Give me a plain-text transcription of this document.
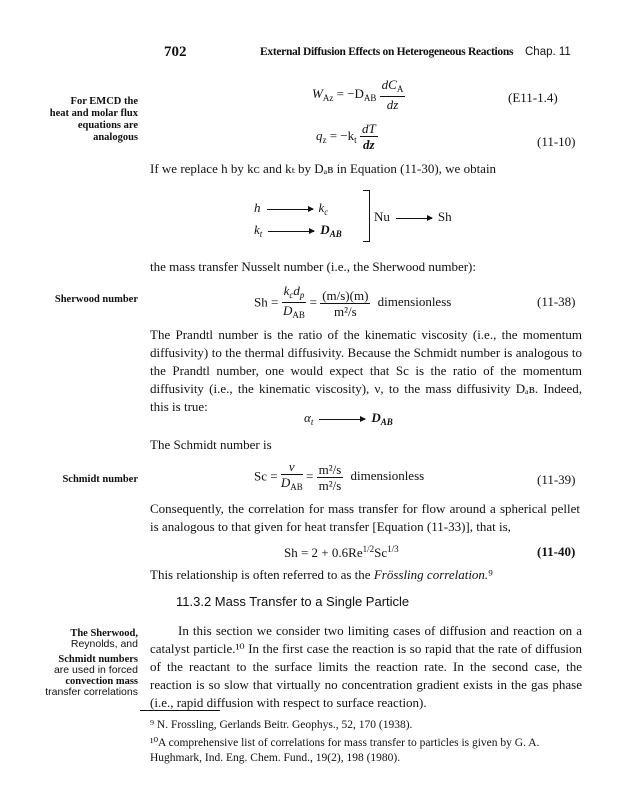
702	External Diffusion Effects on Heterogeneous Reactions Chap. 11
For EMCD the
heat and molar flux
equations are
analogous
Sherwood number
Schmidt number
The Sherwood,
Reynolds, and
Schmidt numbers
are used in forced
convection mass
transfer correlations
$W_{Az} = -D_{AB} \frac{dC_A}{dz}$	(E11-1.4)
$q_z = -k_t \frac{dT}{dz}$	(11-10)
If we replace h by kᴄ and kₜ by Dₐʙ in Equation (11-30), we obtain
h	$k_c$
$k_t$	$D_{AB}$
Nu	Sh
the mass transfer Nusselt number (i.e., the Sherwood number):
$Sh = \frac{k_cd_p}{D_{AB}} = \frac{(m/s)(m)}{\text{m²/s}}$ dimensionless	(11-38)
The Prandtl number is the ratio of the kinematic viscosity (i.e., the momentum diffusivity) to the thermal diffusivity. Because the Schmidt number is analogous to the Prandtl number, one would expect that Sc is the ratio of the momentum diffusivity (i.e., the kinematic viscosity), ν, to the mass diffusivity Dₐʙ. Indeed, this is true:
$\alpha_t$	$D_{AB}$
The Schmidt number is
$Sc = \frac{\nu}{D_{AB}} = \frac{\text{m²/s}}{\text{m²/s}}$ dimensionless	(11-39)
Consequently, the correlation for mass transfer for flow around a spherical pellet is analogous to that given for heat transfer [Equation (11-33)], that is,
$Sh = 2 + 0.6Re^{1/2}Sc^{1/3}$	(11-40)
This relationship is often referred to as the Frössling correlation.⁹
11.3.2 Mass Transfer to a Single Particle
In this section we consider two limiting cases of diffusion and reaction on a catalyst particle.¹⁰ In the first case the reaction is so rapid that the rate of diffusion of the reactant to the surface limits the reaction rate. In the second case, the reaction is so slow that virtually no concentration gradient exists in the gas phase (i.e., rapid diffusion with respect to surface reaction).
⁹ N. Frossling, Gerlands Beitr. Geophys., 52, 170 (1938).
¹⁰A comprehensive list of correlations for mass transfer to particles is given by G. A. Hughmark, Ind. Eng. Chem. Fund., 19(2), 198 (1980).
